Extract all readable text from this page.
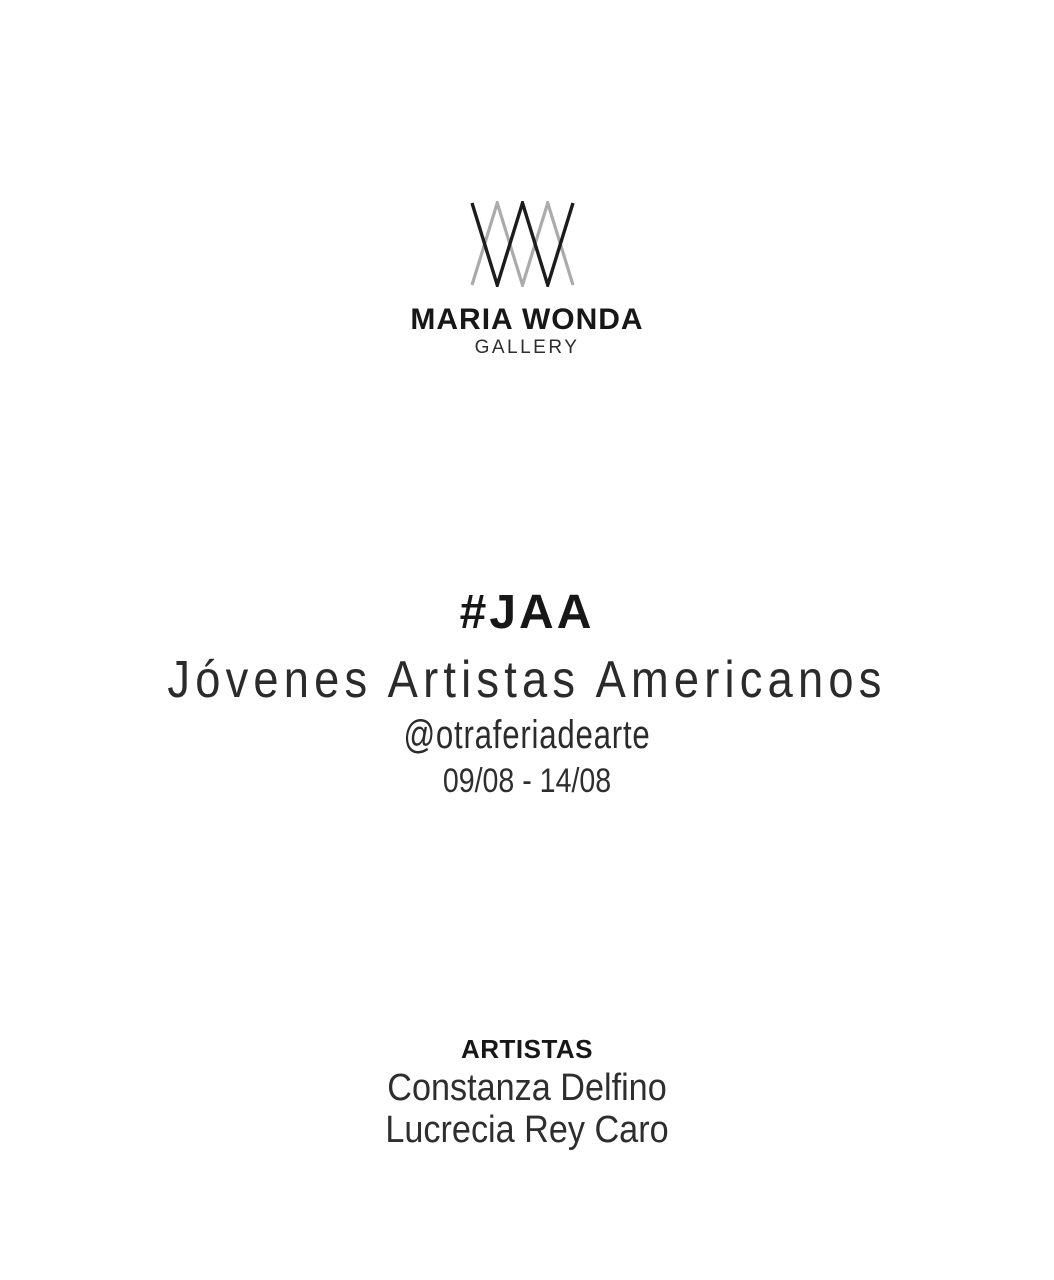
MARIA WONDA
GALLERY
#JAA
Jóvenes Artistas Americanos
@otraferiadearte
09/08 - 14/08
ARTISTAS
Constanza Delfino
Lucrecia Rey Caro
